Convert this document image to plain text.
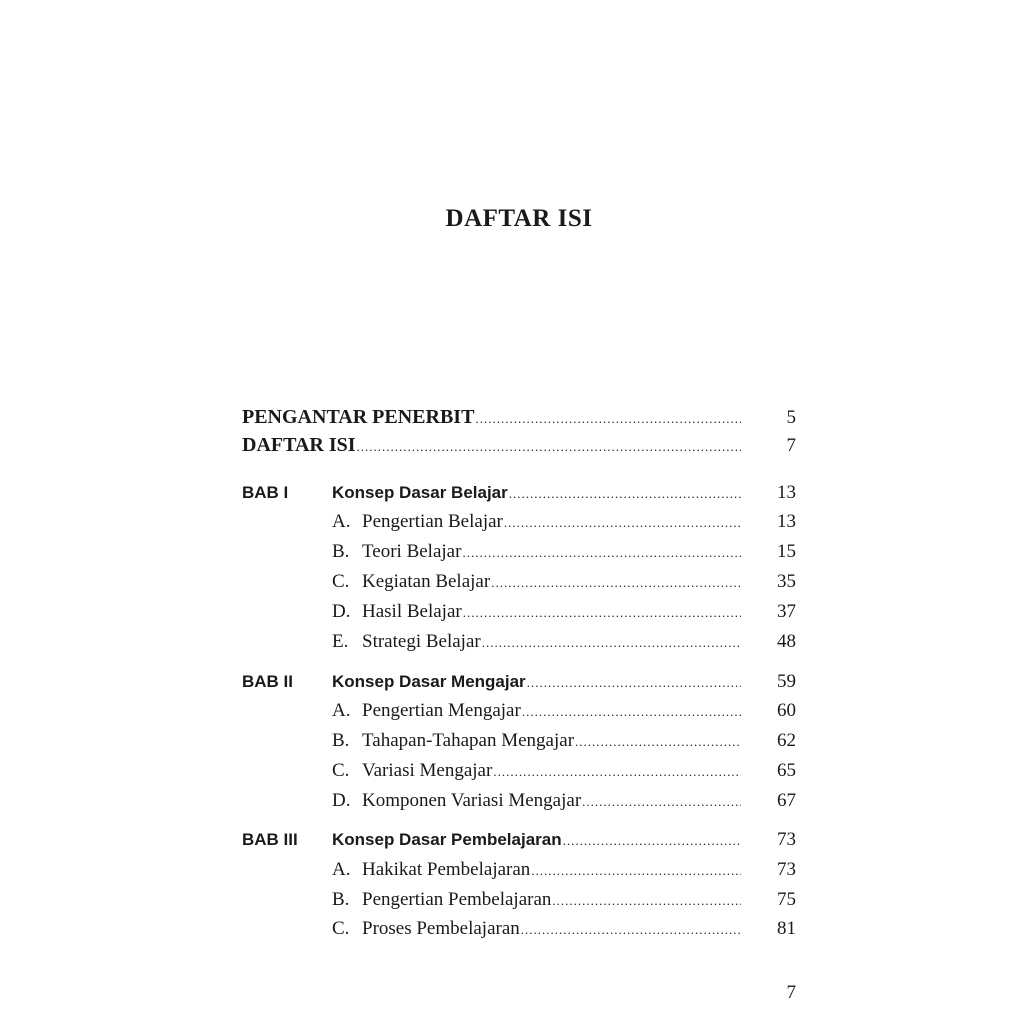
DAFTAR ISI
PENGANTAR PENERBIT .....	5
DAFTAR ISI .....	7
BAB I	Konsep Dasar Belajar .....	13
A. Pengertian Belajar .....	13
B. Teori Belajar .....	15
C. Kegiatan Belajar .....	35
D. Hasil Belajar .....	37
E. Strategi Belajar .....	48
BAB II	Konsep Dasar Mengajar .....	59
A. Pengertian Mengajar .....	60
B. Tahapan-Tahapan Mengajar .....	62
C. Variasi Mengajar .....	65
D. Komponen Variasi Mengajar .....	67
BAB III	Konsep Dasar Pembelajaran .....	73
A. Hakikat Pembelajaran .....	73
B. Pengertian Pembelajaran .....	75
C. Proses Pembelajaran .....	81
7
